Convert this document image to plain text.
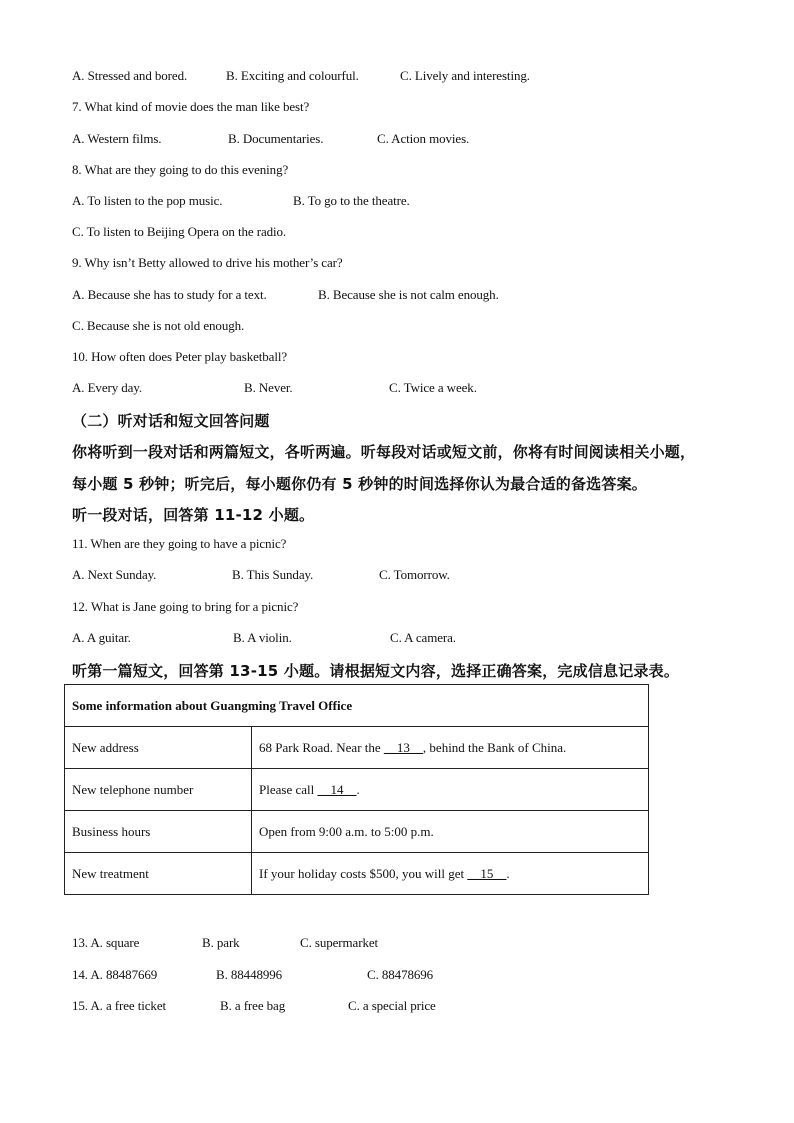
A. Stressed and bored.	B. Exciting and colourful.	C. Lively and interesting.
7. What kind of movie does the man like best?
A. Western films.	B. Documentaries.	C. Action movies.
8. What are they going to do this evening?
A. To listen to the pop music.	B. To go to the theatre.
C. To listen to Beijing Opera on the radio.
9. Why isn’t Betty allowed to drive his mother’s car?
A. Because she has to study for a text.	B. Because she is not calm enough.
C. Because she is not old enough.
10. How often does Peter play basketball?
A. Every day.	B. Never.	C. Twice a week.
（二）听对话和短文回答问题
你将听到一段对话和两篇短文，各听两遍。听每段对话或短文前，你将有时间阅读相关小题，
每小题 5 秒钟；听完后，每小题你仍有 5 秒钟的时间选择你认为最合适的备选答案。
听一段对话，回答第 11-12 小题。
11. When are they going to have a picnic?
A. Next Sunday.	B. This Sunday.	C. Tomorrow.
12. What is Jane going to bring for a picnic?
A. A guitar.	B. A violin.	C. A camera.
听第一篇短文，回答第 13-15 小题。请根据短文内容，选择正确答案，完成信息记录表。
Some information about Guangming Travel Office	
New address	68 Park Road. Near the __13__, behind the Bank of China.
New telephone number	Please call __14__.
Business hours	Open from 9:00 a.m. to 5:00 p.m.
New treatment	If your holiday costs $500, you will get __15__.
13. A. square	B. park	C. supermarket
14. A. 88487669	B. 88448996	C. 88478696
15. A. a free ticket	B. a free bag	C. a special price
